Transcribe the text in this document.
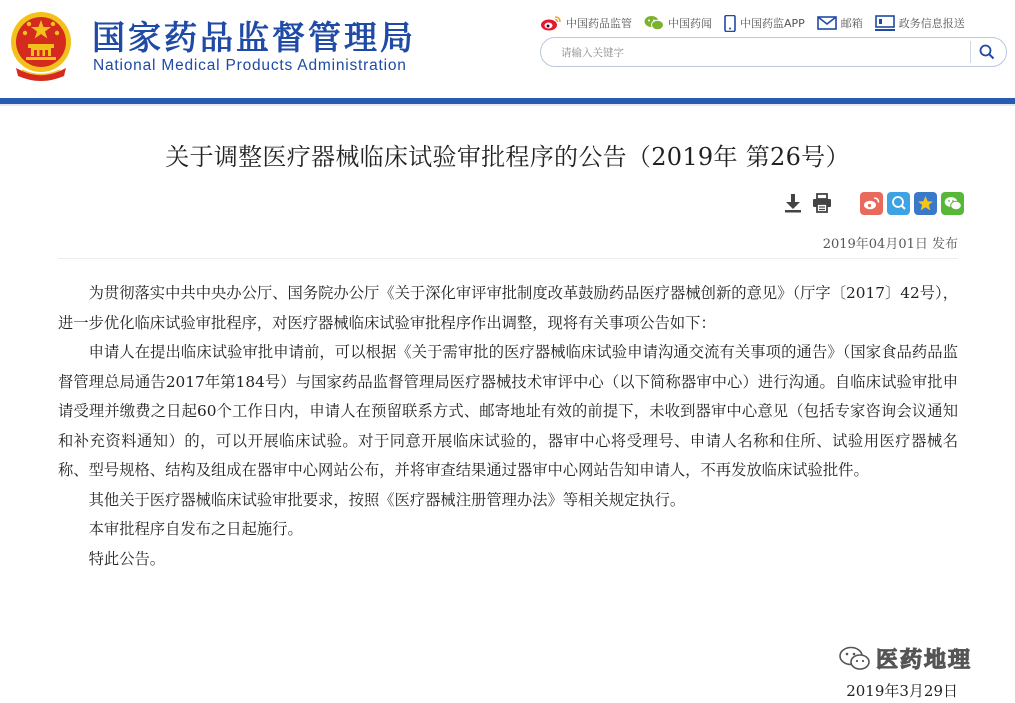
国家药品监督管理局
National Medical Products Administration
中国药品监管	中国药闻	中国药监APP	邮箱	政务信息报送
请输入关键字
关于调整医疗器械临床试验审批程序的公告（2019年 第26号）
2019年04月01日 发布

为贯彻落实中共中央办公厅、国务院办公厅《关于深化审评审批制度改革鼓励药品医疗器械创新的意见》（厅字〔2017〕42号），进一步优化临床试验审批程序，对医疗器械临床试验审批程序作出调整，现将有关事项公告如下：

申请人在提出临床试验审批申请前，可以根据《关于需审批的医疗器械临床试验申请沟通交流有关事项的通告》（国家食品药品监督管理总局通告2017年第184号）与国家药品监督管理局医疗器械技术审评中心（以下简称器审中心）进行沟通。自临床试验审批申请受理并缴费之日起60个工作日内，申请人在预留联系方式、邮寄地址有效的前提下，未收到器审中心意见（包括专家咨询会议通知和补充资料通知）的，可以开展临床试验。对于同意开展临床试验的，器审中心将受理号、申请人名称和住所、试验用医疗器械名称、型号规格、结构及组成在器审中心网站公布，并将审查结果通过器审中心网站告知申请人，不再发放临床试验批件。

其他关于医疗器械临床试验审批要求，按照《医疗器械注册管理办法》等相关规定执行。

本审批程序自发布之日起施行。

特此公告。

医药地理
2019年3月29日
